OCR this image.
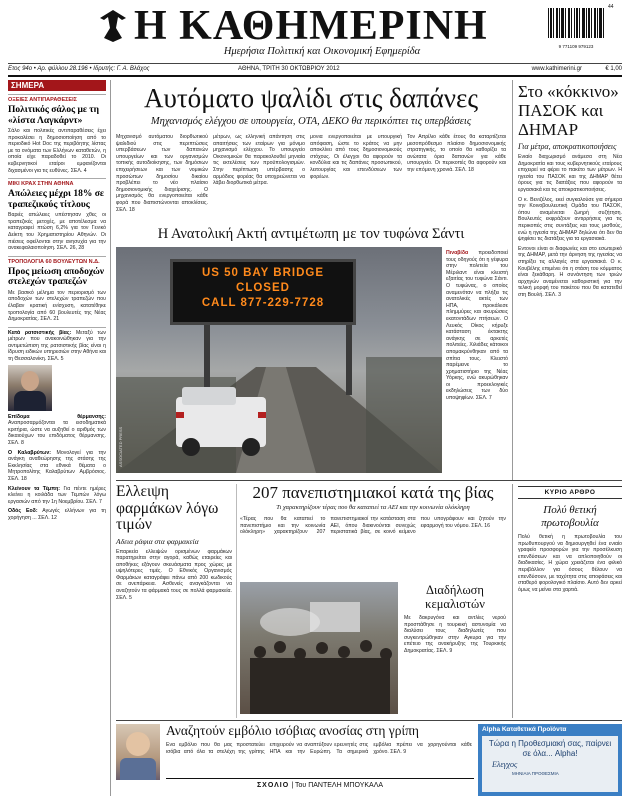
Η ΚΑΘΗΜΕΡΙΝΗ
Ημερήσια Πολιτική και Οικονομική Εφημερίδα	9 771109 979123
44
Ετος 94ο • Αρ. φύλλου 28.196 • Ιδρυτής: Γ. Α. Βλάχος	ΑΘΗΝΑ, ΤΡΙΤΗ 30 ΟΚΤΩΒΡΙΟΥ 2012	www.kathimerini.gr	€ 1,00
ΣΗΜΕΡΑ
ΟΞΕΙΕΣ ΑΝΤΙΠΑΡΑΘΕΣΕΙΣ
Πολιτικός σάλος με τη «λίστα Λαγκάρντ»
Σάλο και πολιτικές αντιπαραθέσεις έχει προκαλέσει η δημοσιοποίηση από το περιοδικό Hot Doc της περιβόητης λίστας με τα ονόματα των Ελλήνων καταθετών, η οποία είχε παραδοθεί το 2010. Οι κυβερνητικοί εταίροι εμφανίζονται διχασμένοι για τις ευθύνες. ΣΕΛ. 4
ΜΙΚΙ ΚΡΑΧ ΣΤΗΝ ΑΘΗΝΑ
Απώλειες μέχρι 18% σε τραπεζικούς τίτλους
Βαριές απώλειες υπέστησαν χθες οι τραπεζικές μετοχές, με αποτέλεσμα να καταγραφεί πτώση 6,2% για τον Γενικό Δείκτη του Χρηματιστηρίου Αθηνών. Οι πιέσεις οφείλονται στην ανησυχία για την ανακεφαλαιοποίηση. ΣΕΛ. 26, 28
ΤΡΟΠΟΛΟΓΙΑ 60 ΒΟΥΛΕΥΤΩΝ Ν.Δ.
Προς μείωση αποδοχών στελεχών τραπεζών
Με βασικό μέλημα τον περιορισμό των αποδοχών των στελεχών τραπεζών που έλαβαν κρατική ενίσχυση, κατατέθηκε τροπολογία από 60 βουλευτές της Νέας Δημοκρατίας. ΣΕΛ. 21
Κατά ρατσιστικής βίας: Μεταξύ των μέτρων που ανακοινώθηκαν για την αντιμετώπιση της ρατσιστικής βίας είναι η ίδρυση ειδικών υπηρεσιών στην Αθήνα και τη Θεσσαλονίκη. ΣΕΛ. 5
Επίδομα θέρμανσης: Αναπροσαρμόζονται τα εισοδηματικά κριτήρια, ώστε να αυξηθεί ο αριθμός των δικαιούχων του επιδόματος θέρμανσης. ΣΕΛ. 8
Ο Καλαβρύτων: Μονολογεί για την ανάγκη αναθεώρησης της στάσης της Εκκλησίας στα εθνικά θέματα ο Μητροπολίτης Καλαβρύτων Αμβρόσιος. ΣΕΛ. 18
Κλείνουν τα Τέμπη: Για πέντε ημέρες κλείνει η κοιλάδα των Τεμπών λόγω εργασιών από την 1η Νοεμβρίου. ΣΕΛ. 7
Οδός Εοδ: Αγωγές ελλήνων για τη χορήγηση ... ΣΕΛ. 12
Αυτόματο ψαλίδι στις δαπάνες
Μηχανισμός ελέγχου σε υπουργεία, ΟΤΑ, ΔΕΚΟ θα περικόπτει τις υπερβάσεις
Μηχανισμό αυτόματου διορθωτικού ψαλιδιού στις περιπτώσεις υπερβάσεων των δαπανών υπουργείων και των οργανισμών τοπικής αυτοδιοίκησης, των δημόσιων επιχειρήσεων και των νομικών προσώπων δημοσίου δικαίου προβλέπει το νέο πλαίσιο δημοσιονομικής διαχείρισης. Ο μηχανισμός θα ενεργοποιείται κάθε φορά που διαπιστώνονται αποκλίσεις. ΣΕΛ. 18
μέτρων, ως ελληνική απάντηση στις απαιτήσεις των εταίρων για μόνιμο μηχανισμό ελέγχου. Το υπουργείο Οικονομικών θα παρακολουθεί μηνιαία τις εκτελέσεις των προϋπολογισμών. Στην περίπτωση υπέρβασης ο αρμόδιος φορέας θα υποχρεώνεται να λάβει διορθωτικά μέτρα.
μονια ενεργοποιείται με υπουργική απόφαση, ώστε το κράτος να μην αποκλίνει από τους δημοσιονομικούς στόχους. Οι έλεγχοι θα αφορούν τα κονδύλια και τις δαπάνες προσωπικού, λειτουργίας και επενδύσεων των φορέων.
Τον Απρίλιο κάθε έτους θα καταρτίζεται μεσοπρόθεσμο πλαίσιο δημοσιονομικής στρατηγικής, το οποίο θα καθορίζει τα ανώτατα όρια δαπανών για κάθε υπουργείο. Οι περικοπές θα αφορούν και την επόμενη χρονιά. ΣΕΛ. 18
Στο «κόκκινο» ΠΑΣΟΚ και ΔΗΜΑΡ
Για μέτρα, αποκρατικοποιήσεις
Ενιαίο διαχωρισμό ανάμεσα στη Νέα Δημοκρατία και τους κυβερνητικούς εταίρους επιχειρεί να φέρει το πακέτο των μέτρων. Η ηγεσία του ΠΑΣΟΚ και της ΔΗΜΑΡ θέτει όρους για τις διατάξεις που αφορούν τα εργασιακά και τις αποκρατικοποιήσεις.
Ο κ. Βενιζέλος, εκεί συγκαλούσε για σήμερα την Κοινοβουλευτική Ομάδα του ΠΑΣΟΚ, όπου αναμένεται ζωηρή συζήτηση. Βουλευτές εκφράζουν αντιρρήσεις για τις περικοπές στις συντάξεις και τους μισθούς, ενώ η ηγεσία της ΔΗΜΑΡ δηλώνει ότι δεν θα ψηφίσει τις διατάξεις για τα εργασιακά.
Εντονοι είναι οι διαφωνίες και στο εσωτερικό της ΔΗΜΑΡ, μετά την άρνηση της ηγεσίας να στηρίξει τις αλλαγές στα εργασιακά. Ο κ. Κουβέλης επιμένει ότι η στάση του κόμματος είναι ξεκάθαρη. Η συνάντηση των τριών αρχηγών αναμένεται καθοριστική για την τελική μορφή του πακέτου που θα κατατεθεί στη Βουλή. ΣΕΛ. 3
Η Ανατολική Ακτή αντιμέτωπη με τον τυφώνα Σάντι
US 50 BAY BRIDGE
CLOSED
CALL 877-229-7728
ASSOCIATED PRESS
Πιναβίδα προειδοποιεί τους οδηγούς ότι η γέφυρα στην πολιτεία του Μέριλαντ είναι κλειστή εξαιτίας του τυφώνα Σάντι. Ο τυφώνας, ο οποίος αναμενόταν να πλήξει τις ανατολικές ακτές των ΗΠΑ, προκάλεσε πλημμύρες και ακυρώσεις εκατοντάδων πτήσεων. Ο Λευκός Οίκος κήρυξε κατάσταση έκτακτης ανάγκης σε αρκετές πολιτείες. Χιλιάδες κάτοικοι απομακρύνθηκαν από τα σπίτια τους. Κλειστό παρέμεινε το χρηματιστήριο της Νέας Υόρκης, ενώ ακυρώθηκαν οι προεκλογικές εκδηλώσεις των δύο υποψηφίων. ΣΕΛ. 7
Ελλειψη φαρμάκων λόγω τιμών
Αδεια ράφια στα φαρμακεία
Επαρκεία ελλειψών ορισμένων φαρμάκων παρατηρείται στην αγορά, καθώς εταιρείες και αποθήκες εξάγουν σκευάσματα προς χώρες με υψηλότερες τιμές. Ο Εθνικός Οργανισμός Φαρμάκων καταγράφει πάνω από 200 κωδικούς σε ανεπάρκεια. Ασθενείς αναγκάζονται να αναζητούν τα φάρμακά τους σε πολλά φαρμακεία. ΣΕΛ. 5
207 πανεπιστημιακοί κατά της βίας
Τι χαρακτηρίζουν τέρας που θα καταπιεί τα ΑΕΙ και την κοινωνία ολόκληρη
«Τέρας που θα καταπιεί το πανεπιστήμιο και την κοινωνία ολόκληρη» χαρακτηρίζουν 207 πανεπιστημιακοί την κατάσταση στα ΑΕΙ, όπου διακινούνται συνεχώς περιστατικά βίας, σε κοινό κείμενο που υπογράφουν και ζητούν την εφαρμογή του νόμου. ΣΕΛ. 16
Διαδήλωση κεμαλιστών
Με δακρυγόνα και αντλίες νερού προσπάθησε η τουρκική αστυνομία να διαλύσει τους διαδηλωτές που συγκεντρώθηκαν στην Αγκυρα για την επέτειο της ανακήρυξης της Τουρκικής Δημοκρατίας. ΣΕΛ. 9
ΚΥΡΙΟ ΑΡΘΡΟ
Πολύ θετική πρωτοβουλία
Πολύ θετική η πρωτοβουλία του πρωθυπουργού να δημιουργηθεί ένα ενιαίο γραφείο προσφορών για την προσέλκυση επενδύσεων και να απλοποιηθούν οι διαδικασίες. Η χώρα χρειάζεται ένα φιλικό περιβάλλον για όσους θέλουν να επενδύσουν, με ταχύτητα στις αποφάσεις και σταθερό φορολογικό πλαίσιο. Αυτό δεν αρκεί όμως να μείνει στα χαρτιά.
Αναζητούν εμβόλιο ισόβιας ανοσίας στη γρίπη
Ενα εμβόλιο που θα μας προστατεύει ισόβια από όλα τα στελέχη της γρίπης επιχειρούν να αναπτύξουν ερευνητές στις ΗΠΑ και την Ευρώπη. Τα σημερινά εμβόλια πρέπει να χορηγούνται κάθε χρόνο. ΣΕΛ. 9
Alpha Καταθετικά Προϊόντα
Τώρα η Προθεσμιακή σας, παίρνει σε όλα... Alpha!
Ελεγχος
ΜΗΝΙΑΙΑ ΠΡΟΘΕΣΜΙΑ
ΣΧΟΛΙΟ | Του ΠΑΝΤΕΛΗ ΜΠΟΥΚΑΛΑ
